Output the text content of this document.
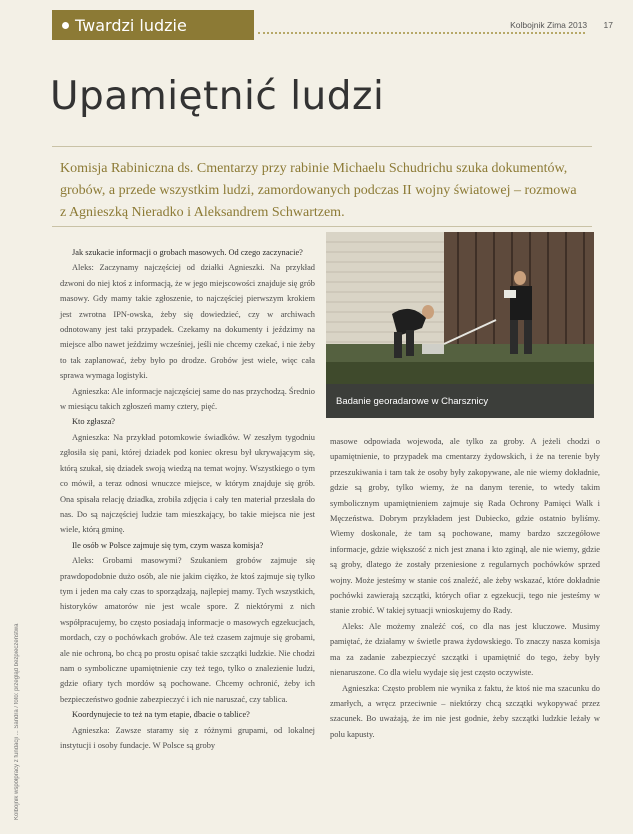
Twardzi ludzie	Kolbojnik Zima 2013 17
Upamiętnić ludzi
Komisja Rabiniczna ds. Cmentarzy przy rabinie Michaelu Schudrichu szuka dokumentów, grobów, a przede wszystkim ludzi, zamordowanych podczas II wojny światowej – rozmowa z Agnieszką Nieradko i Aleksandrem Schwartzem.

Jak szukacie informacji o grobach masowych. Od czego zaczynacie?

Aleks: Zaczynamy najczęściej od działki Agnieszki. Na przykład dzwoni do niej ktoś z informacją, że w jego miejscowości znajduje się grób masowy. Gdy mamy takie zgłoszenie, to najczęściej pierwszym krokiem jest zwrotna IPN-owska, żeby się dowiedzieć, czy w archiwach odnotowany jest taki przypadek. Czekamy na dokumenty i jeździmy na miejsce albo nawet jeździmy wcześniej, jeśli nie chcemy czekać, i nie żeby to tak zaplanować, żeby było po drodze. Grobów jest wiele, więc cała sprawa wymaga logistyki.

Agnieszka: Ale informacje najczęściej same do nas przychodzą. Średnio w miesiącu takich zgłoszeń mamy cztery, pięć.

Kto zgłasza?

Agnieszka: Na przykład potomkowie świadków. W zeszłym tygodniu zgłosiła się pani, której dziadek pod koniec okresu był ukrywającym się, którą szukał, się dziadek swoją wiedzą na temat wojny. Wszystkiego o tym co mówił, a teraz odnosi wnuczce miejsce, w którym znajduje się grób. Ona spisała relację dziadka, zrobiła zdjęcia i cały ten materiał przesłała do nas. Do są najczęściej ludzie tam mieszkający, bo takie miejsca nie jest wiele, którą gminę.

Ile osób w Polsce zajmuje się tym, czym wasza komisja?

Aleks: Grobami masowymi? Szukaniem grobów zajmuje się prawdopodobnie dużo osób, ale nie jakim ciężko, że ktoś zajmuje się tylko tym i jeden ma cały czas to sporządzają, najlepiej mamy. Tych wszystkich, historyków amatorów nie jest wcale spore. Z niektórymi z nich współpracujemy, bo często posiadają informacje o masowych egzekucjach, mordach, czy o pochówkach grobów. Ale też czasem zajmuje się grobami, ale nie ochroną, bo chcą po prostu opisać takie szczątki ludzkie. Nie chodzi nam o symboliczne upamiętnienie czy też tego, tylko o znalezienie ludzi, gdzie ofiary tych mordów są pochowane. Chcemy ochronić, żeby ich bezpieczeństwo godnie zabezpieczyć i ich nie naruszać, czy tablica.

Koordynujecie to też na tym etapie, dbacie o tablice?

Agnieszka: Zawsze staramy się z różnymi grupami, od lokalnej instytucji i osoby fundacje. W Polsce są groby

Badanie georadarowe w Charsznicy

masowe odpowiada wojewoda, ale tylko za groby. A jeżeli chodzi o upamiętnienie, to przypadek ma cmentarzy żydowskich, i że na terenie były przeszukiwania i tam tak że osoby były zakopywane, ale nie wiemy dokładnie, gdzie są groby, tylko wiemy, że na danym terenie, to wtedy takim symbolicznym upamiętnieniem zajmuje się Rada Ochrony Pamięci Walk i Męczeństwa. Dobrym przykładem jest Dubiecko, gdzie ostatnio byliśmy. Wiemy doskonale, że tam są pochowane, mamy bardzo szczegółowe informacje, gdzie większość z nich jest znana i kto zginął, ale nie wiemy, gdzie są groby, dlatego że zostały przeniesione z regularnych pochówków sprzed wojny. Może jesteśmy w stanie coś znaleźć, ale żeby wskazać, które dokładnie pochówki zawierają szczątki, których ofiar z egzekucji, tego nie jesteśmy w stanie zrobić. W takiej sytuacji wnioskujemy do Rady.

Aleks: Ale możemy znaleźć coś, co dla nas jest kluczowe. Musimy pamiętać, że działamy w świetle prawa żydowskiego. To znaczy nasza komisja ma za zadanie zabezpieczyć szczątki i upamiętnić do tego, żeby były nienaruszone. Co dla wielu wydaje się jest często oczywiste.

Agnieszka: Często problem nie wynika z faktu, że ktoś nie ma szacunku do zmarłych, a wręcz przeciwnie – niektórzy chcą szczątki wykopywać przez szacunek. Bo uważają, że im nie jest godnie, żeby szczątki ludzkie leżały w polu kapusty.

Kolbojnik współpracy z fundacji ... Sandra / foto: przegląd bezpieczeństwa
